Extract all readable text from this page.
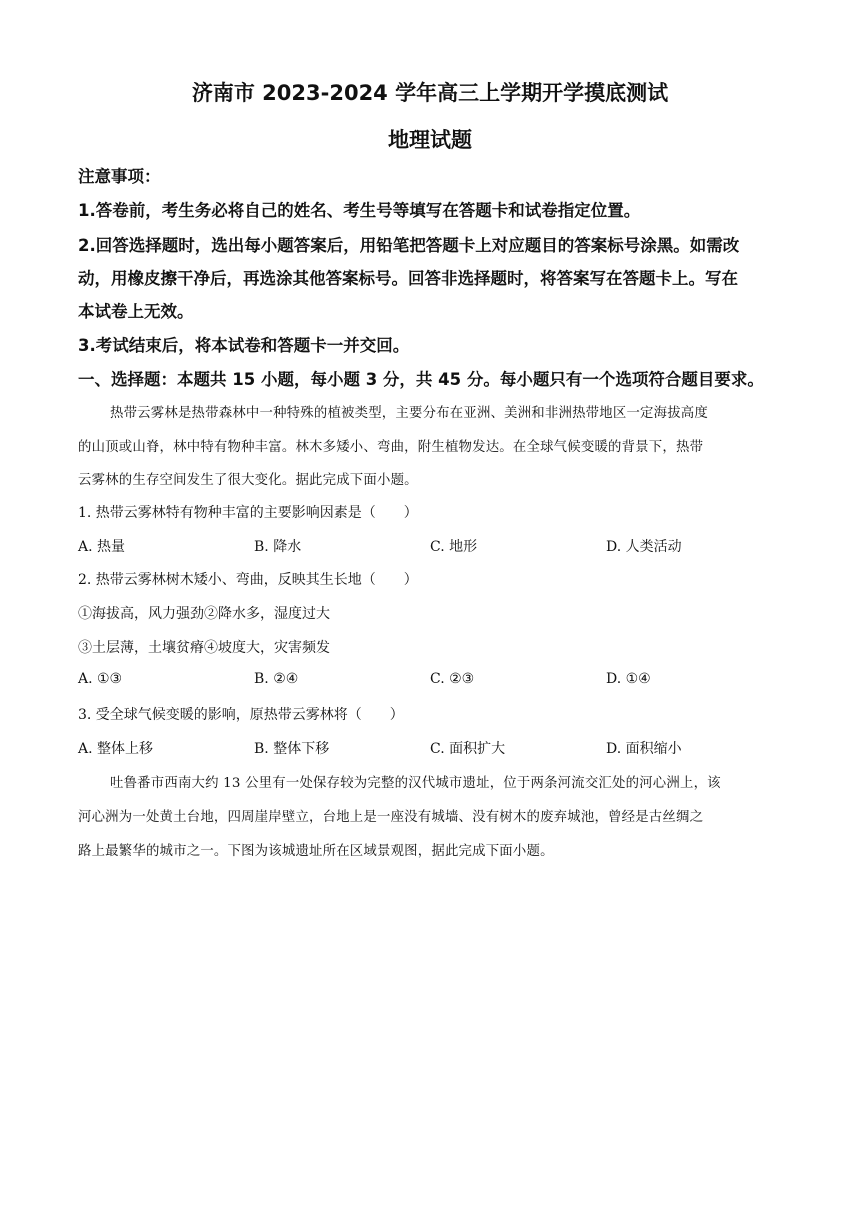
济南市 2023-2024 学年高三上学期开学摸底测试
地理试题
注意事项：
1.答卷前，考生务必将自己的姓名、考生号等填写在答题卡和试卷指定位置。
2.回答选择题时，选出每小题答案后，用铅笔把答题卡上对应题目的答案标号涂黑。如需改
动，用橡皮擦干净后，再选涂其他答案标号。回答非选择题时，将答案写在答题卡上。写在
本试卷上无效。
3.考试结束后，将本试卷和答题卡一并交回。
一、选择题：本题共 15 小题，每小题 3 分，共 45 分。每小题只有一个选项符合题目要求。
热带云雾林是热带森林中一种特殊的植被类型，主要分布在亚洲、美洲和非洲热带地区一定海拔高度
的山顶或山脊，林中特有物种丰富。林木多矮小、弯曲，附生植物发达。在全球气候变暖的背景下，热带
云雾林的生存空间发生了很大变化。据此完成下面小题。
1. 热带云雾林特有物种丰富的主要影响因素是（　　）
A. 热量	B. 降水	C. 地形	D. 人类活动
2. 热带云雾林树木矮小、弯曲，反映其生长地（　　）
①海拔高，风力强劲②降水多，湿度过大
③土层薄，土壤贫瘠④坡度大，灾害频发
A. ①③	B. ②④	C. ②③	D. ①④
3. 受全球气候变暖的影响，原热带云雾林将（　　）
A. 整体上移	B. 整体下移	C. 面积扩大	D. 面积缩小
吐鲁番市西南大约 13 公里有一处保存较为完整的汉代城市遗址，位于两条河流交汇处的河心洲上，该
河心洲为一处黄土台地，四周崖岸壁立，台地上是一座没有城墙、没有树木的废弃城池，曾经是古丝绸之
路上最繁华的城市之一。下图为该城遗址所在区域景观图，据此完成下面小题。
